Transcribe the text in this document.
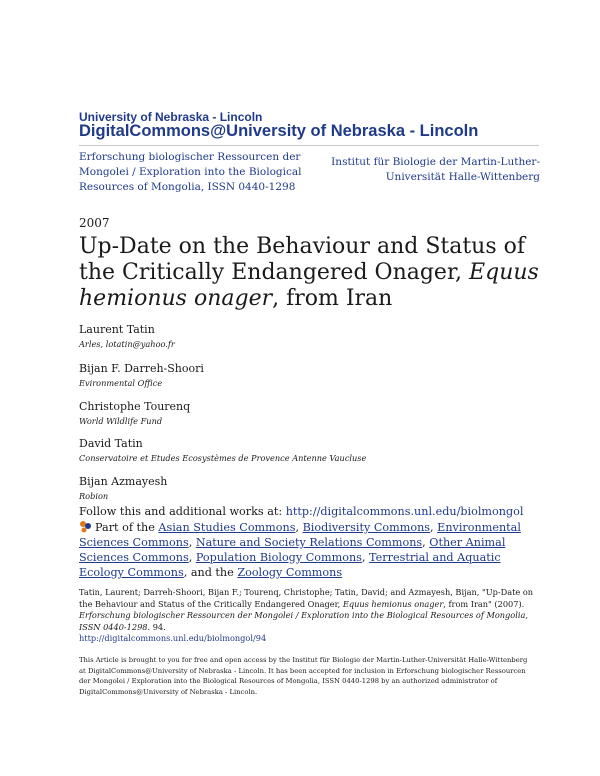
University of Nebraska - Lincoln
DigitalCommons@University of Nebraska - Lincoln
Erforschung biologischer Ressourcen der Mongolei / Exploration into the Biological Resources of Mongolia, ISSN 0440-1298
Institut für Biologie der Martin-Luther-Universität Halle-Wittenberg
2007
Up-Date on the Behaviour and Status of the Critically Endangered Onager, Equus hemionus onager, from Iran
Laurent Tatin
Arles, lotatin@yahoo.fr
Bijan F. Darreh-Shoori
Evironmental Office
Christophe Tourenq
World Wildlife Fund
David Tatin
Conservatoire et Etudes Ecosystèmes de Provence Antenne Vaucluse
Bijan Azmayesh
Robion
Follow this and additional works at: http://digitalcommons.unl.edu/biolmongol
Part of the Asian Studies Commons, Biodiversity Commons, Environmental Sciences Commons, Nature and Society Relations Commons, Other Animal Sciences Commons, Population Biology Commons, Terrestrial and Aquatic Ecology Commons, and the Zoology Commons
Tatin, Laurent; Darreh-Shoori, Bijan F.; Tourenq, Christophe; Tatin, David; and Azmayesh, Bijan, "Up-Date on the Behaviour and Status of the Critically Endangered Onager, Equus hemionus onager, from Iran" (2007). Erforschung biologischer Ressourcen der Mongolei / Exploration into the Biological Resources of Mongolia, ISSN 0440-1298. 94.
http://digitalcommons.unl.edu/biolmongol/94
This Article is brought to you for free and open access by the Institut für Biologie der Martin-Luther-Universität Halle-Wittenberg at DigitalCommons@University of Nebraska - Lincoln. It has been accepted for inclusion in Erforschung biologischer Ressourcen der Mongolei / Exploration into the Biological Resources of Mongolia, ISSN 0440-1298 by an authorized administrator of DigitalCommons@University of Nebraska - Lincoln.
